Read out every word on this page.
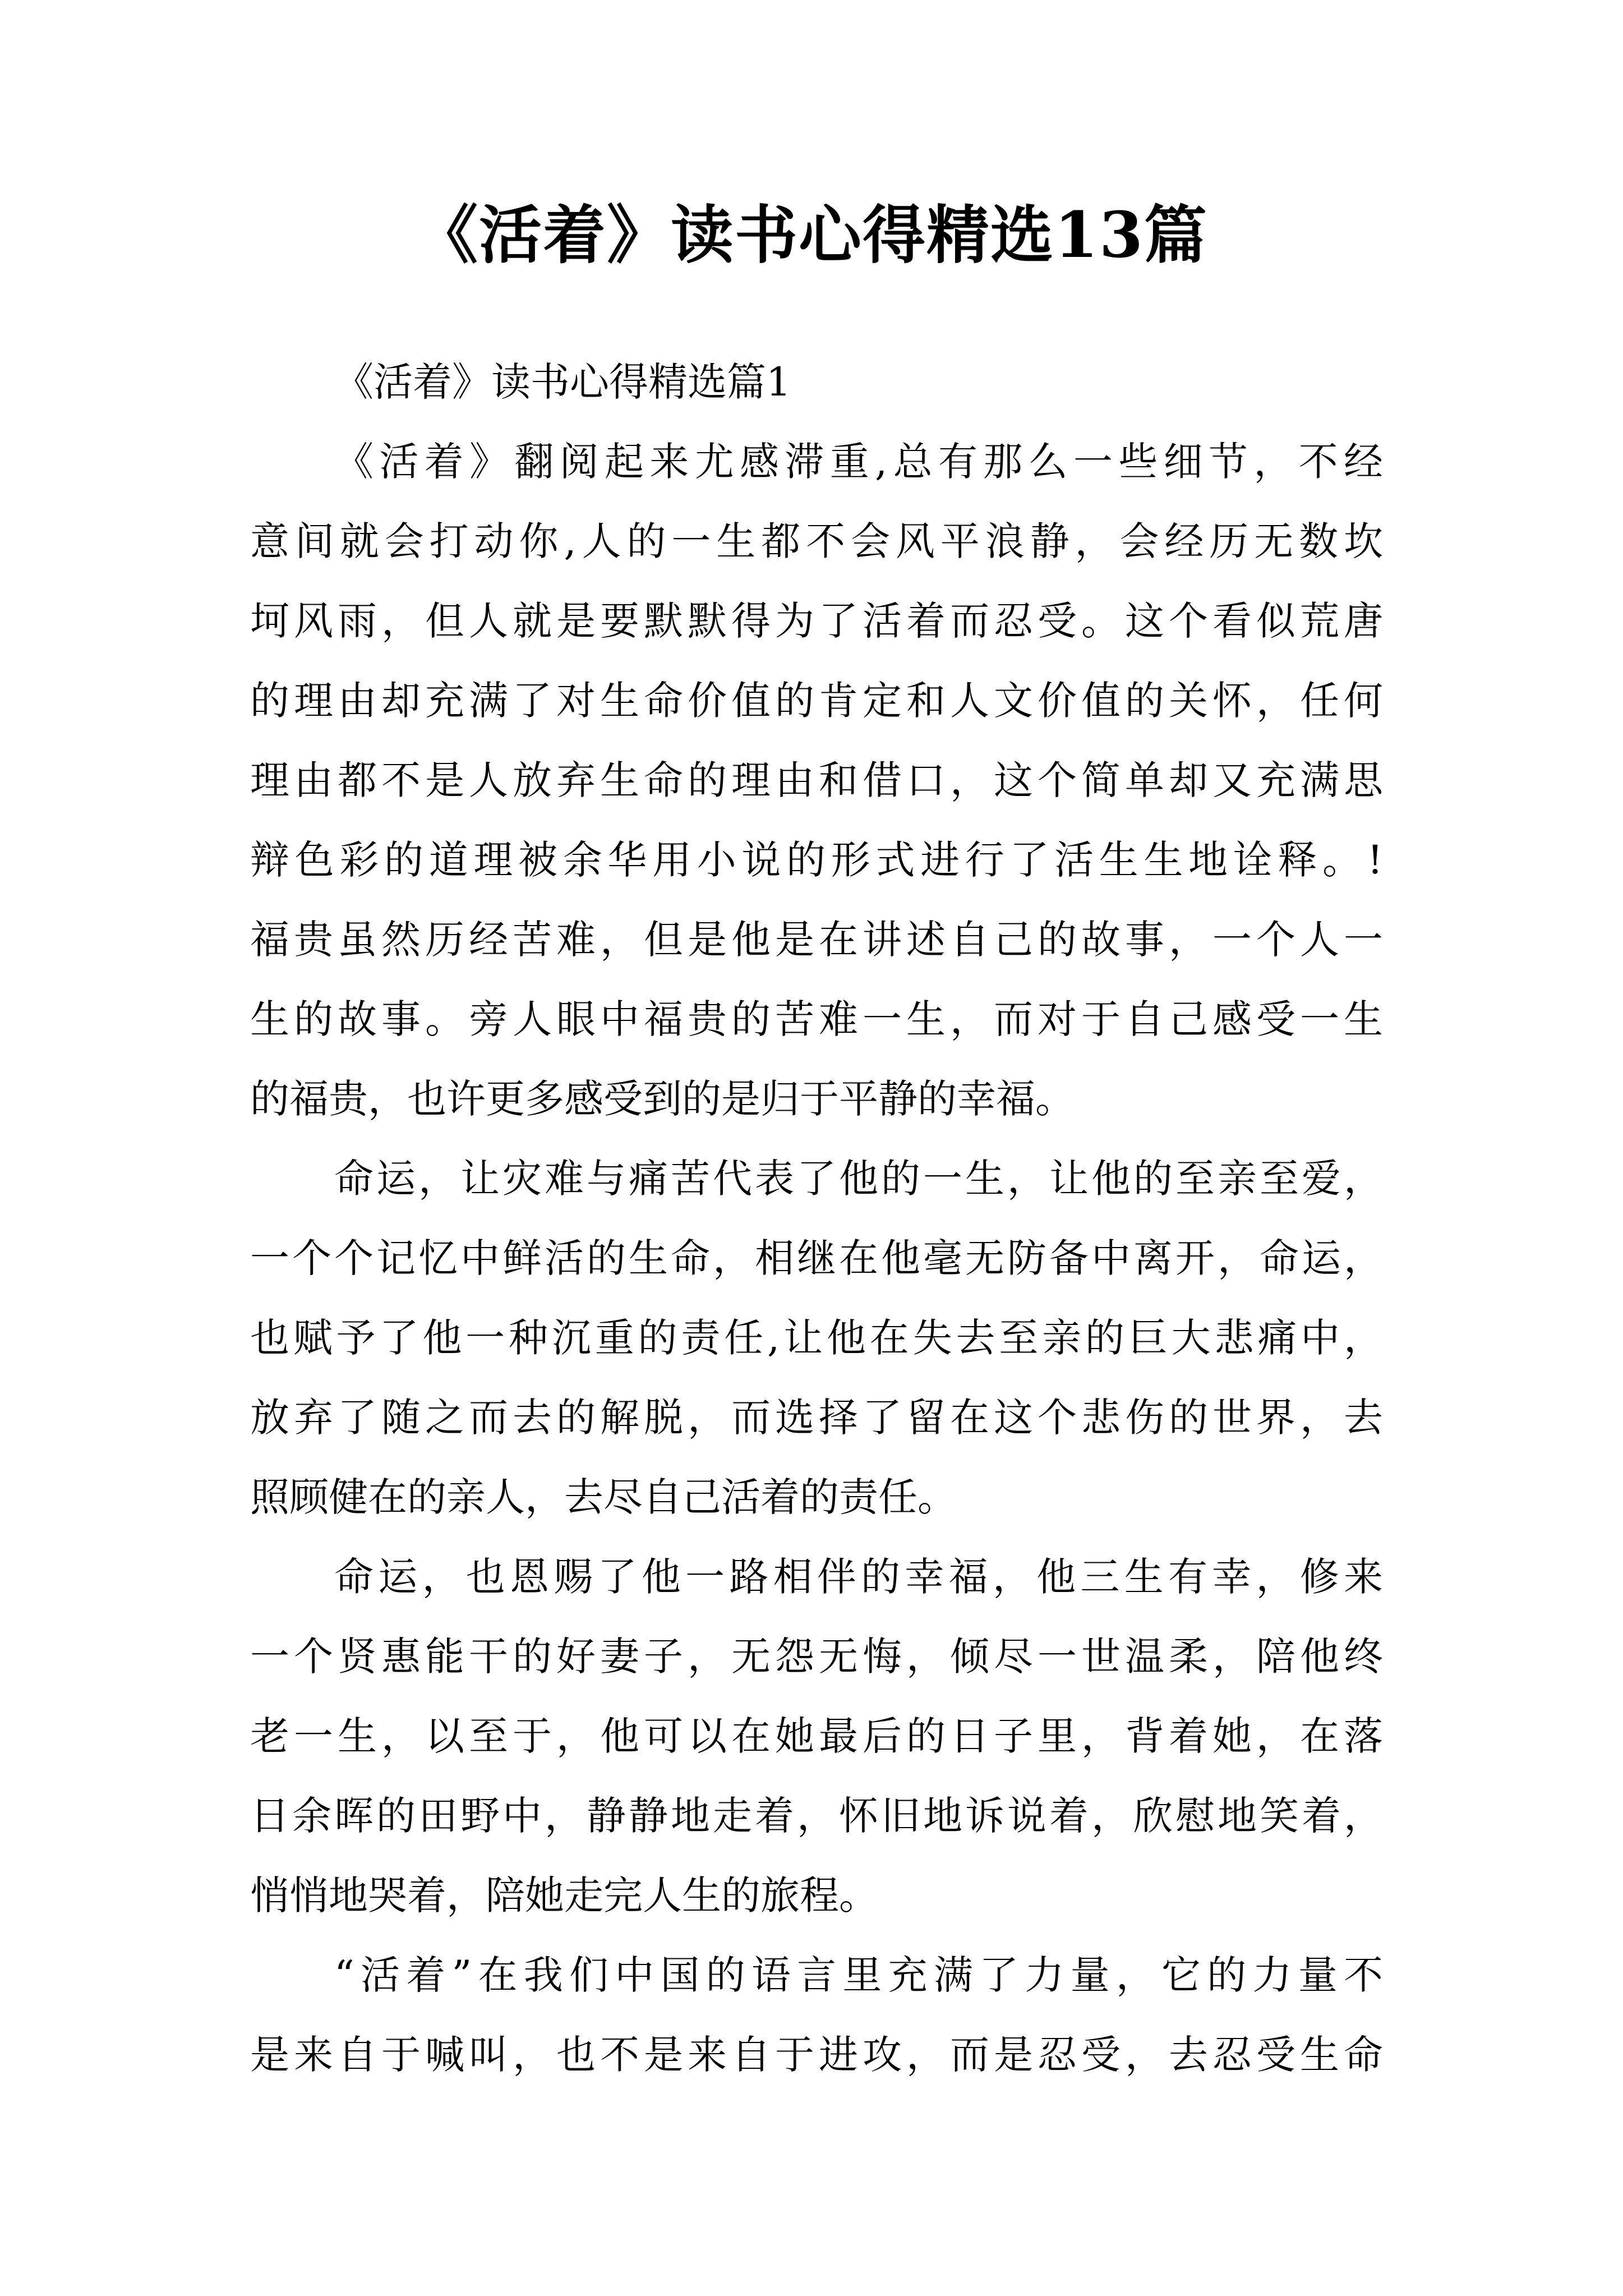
《活着》读书心得精选13篇
《活着》读书心得精选篇1
《活着》翻阅起来尤感滞重,总有那么一些细节，不经
意间就会打动你,人的一生都不会风平浪静，会经历无数坎
坷风雨，但人就是要默默得为了活着而忍受。这个看似荒唐
的理由却充满了对生命价值的肯定和人文价值的关怀，任何
理由都不是人放弃生命的理由和借口，这个简单却又充满思
辩色彩的道理被余华用小说的形式进行了活生生地诠释。!
福贵虽然历经苦难，但是他是在讲述自己的故事，一个人一
生的故事。旁人眼中福贵的苦难一生，而对于自己感受一生
的福贵，也许更多感受到的是归于平静的幸福。
命运，让灾难与痛苦代表了他的一生，让他的至亲至爱，
一个个记忆中鲜活的生命，相继在他毫无防备中离开，命运，
也赋予了他一种沉重的责任,让他在失去至亲的巨大悲痛中，
放弃了随之而去的解脱，而选择了留在这个悲伤的世界，去
照顾健在的亲人，去尽自己活着的责任。
命运，也恩赐了他一路相伴的幸福，他三生有幸，修来
一个贤惠能干的好妻子，无怨无悔，倾尽一世温柔，陪他终
老一生，以至于，他可以在她最后的日子里，背着她，在落
日余晖的田野中，静静地走着，怀旧地诉说着，欣慰地笑着，
悄悄地哭着，陪她走完人生的旅程。
“活着”在我们中国的语言里充满了力量，它的力量不
是来自于喊叫，也不是来自于进攻，而是忍受，去忍受生命
